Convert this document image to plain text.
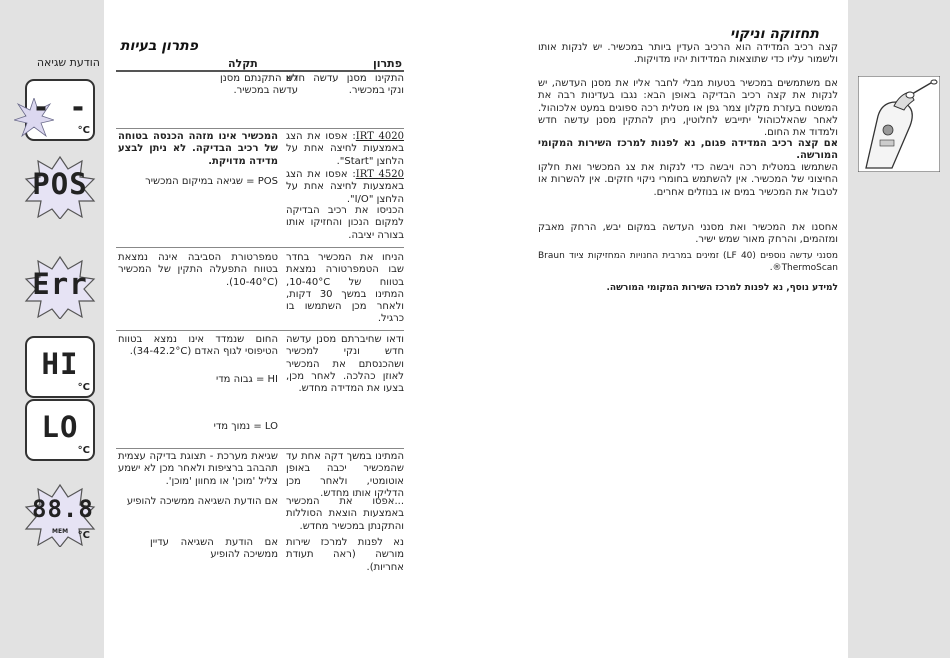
הודעת שגיאה
- -
°C
POS
Err
HI
°C
LO
°C
88.8
MEM °C
פתרון בעיות
תקלה	פתרון
לא התקנתם מסנן עדשה במכשיר.
התקינו מסנן עדשה חדש ונקי במכשיר.
המכשיר אינו מזהה הכנסה בטוחה של רכיב הבדיקה. לא ניתן לבצע מדידה מדויקת.
POS = שגיאה במיקום המכשיר
IRT 4020: אפסו את הצג באמצעות לחיצה אחת על הלחצן "Start".
IRT 4520: אפסו את הצג באמצעות לחיצה אחת על הלחצן "I/O".
הכניסו את רכיב הבדיקה למקום הנכון והחזיקו אותו בצורה יציבה.
טמפרטורת הסביבה אינה נמצאת בטווח התפעלה התקין של המכשיר (10-40°C).
הניחו את המכשיר בחדר שבו הטמפרטורה נמצאת בטווח של 10-40°C, המתינו במשך 30 דקות, ולאחר מכן השתמשו בו כרגיל.
החום שנמדד אינו נמצא בטווח הטיפוסי לגוף האדם (34-42.2°C).
HI = גבוה מדי
LO = נמוך מדי
ודאו שחיברתם מסנן עדשה חדש ונקי למכשיר ושהכנסתם את המכשיר לאוזן כהלכה. לאחר מכן, בצעו את המדידה מחדש.
שגיאת מערכת - תצוגת בדיקה עצמית תהבהב ברציפות ולאחר מכן לא ישמע צליל 'מוכן' או מחוון 'מוכן'.
אם הודעת השגיאה ממשיכה להופיע
המתינו במשך דקה אחת עד שהמכשיר יכבה באופן אוטומטי, ולאחר מכן הדליקו אותו מחדש.
...אפסו את המכשיר באמצעות הוצאת הסוללות והתקנתן במכשיר מחדש.
אם הודעת השגיאה עדיין ממשיכה להופיע
נא לפנות למרכז שירות מורשה (ראה תעודת אחריות).
תחזוקה וניקוי
קצה רכיב המדידה הוא הרכיב העדין ביותר במכשיר. יש לנקות אותו ולשמור עליו כדי שתוצאות המדידות יהיו מדויקות.
אם משתמשים במכשיר בטעות מבלי לחבר אליו את מסנן העדשה, יש לנקות את קצה רכיב הבדיקה באופן הבא: נגבו בעדינות רבה את המשטח בעזרת מקלון צמר גפן או מטלית רכה ספוגים במעט אלכוהול. לאחר שהאלכוהול יתייבש לחלוטין, ניתן להתקין מסנן עדשה חדש ולמדוד את החום.
אם קצה רכיב המדידה פגום, נא לפנות למרכז השירות המקומי המורשה.
השתמשו במטלית רכה ויבשה כדי לנקות את צג המכשיר ואת חלקו החיצוני של המכשיר. אין להשתמש בחומרי ניקוי חזקים. אין להשרות או לטבול את המכשיר במים או בנוזלים אחרים.
אחסנו את המכשיר ואת מסנני העדשה במקום יבש, הרחק מאבק ומזהמים, והרחק מאור שמש ישיר.
מסנני עדשה נוספים (LF 40) זמינים במרבית החנויות המחזיקות ציוד Braun ThermoScan®.
למידע נוסף, נא לפנות למרכז השירות המקומי המורשה.
